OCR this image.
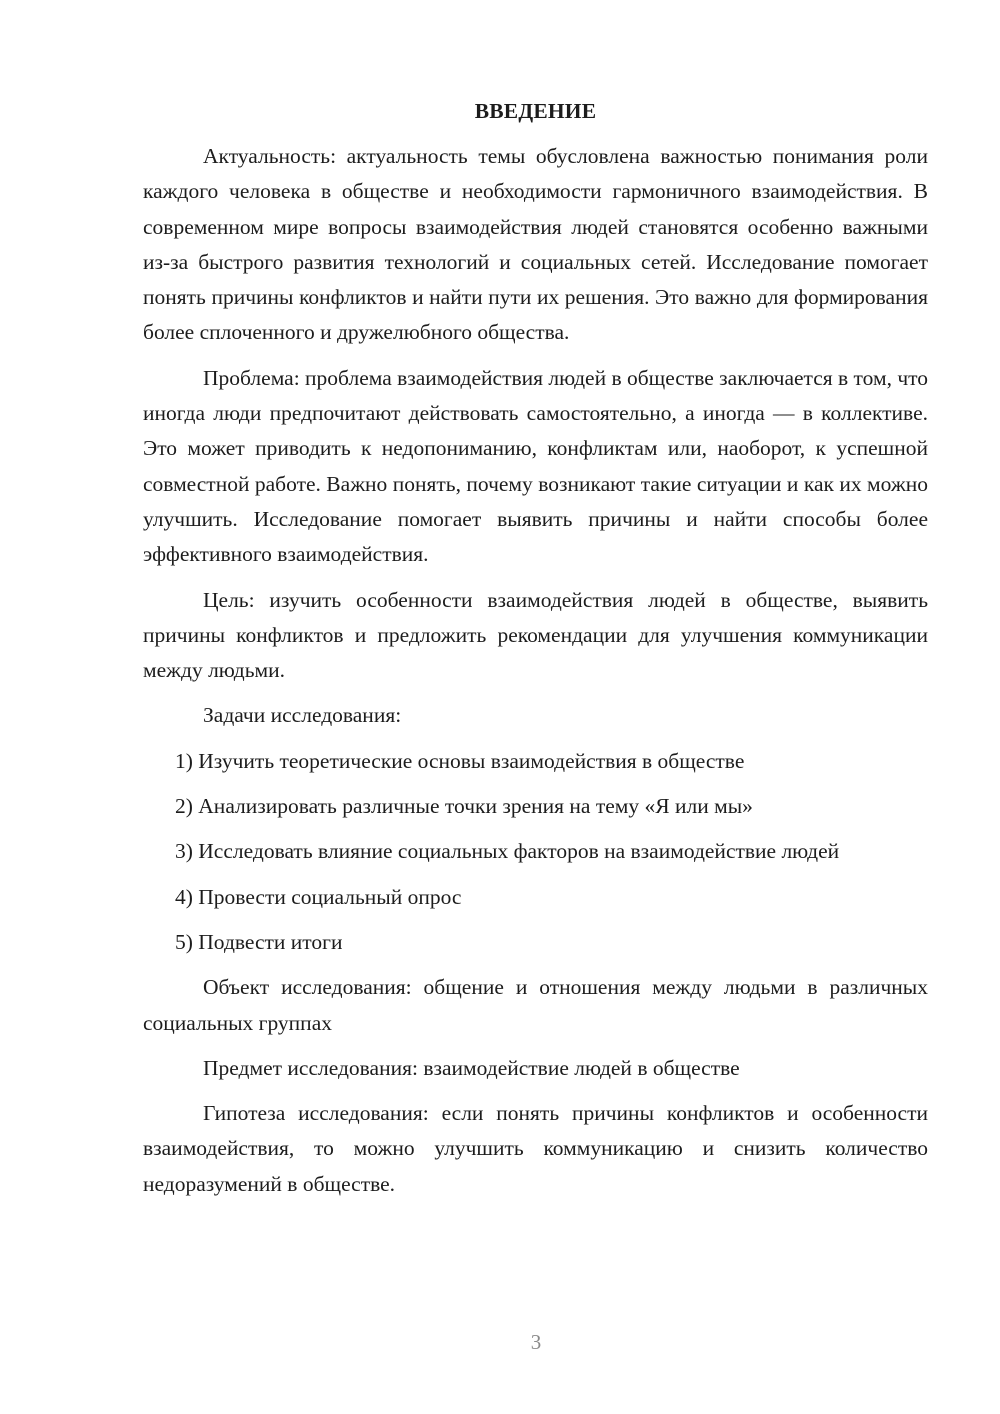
ВВЕДЕНИЕ

Актуальность: актуальность темы обусловлена важностью понимания роли каждого человека в обществе и необходимости гармоничного взаимодействия. В современном мире вопросы взаимодействия людей становятся особенно важными из-за быстрого развития технологий и социальных сетей. Исследование помогает понять причины конфликтов и найти пути их решения. Это важно для формирования более сплоченного и дружелюбного общества.

Проблема: проблема взаимодействия людей в обществе заключается в том, что иногда люди предпочитают действовать самостоятельно, а иногда — в коллективе. Это может приводить к недопониманию, конфликтам или, наоборот, к успешной совместной работе. Важно понять, почему возникают такие ситуации и как их можно улучшить. Исследование помогает выявить причины и найти способы более эффективного взаимодействия.

Цель: изучить особенности взаимодействия людей в обществе, выявить причины конфликтов и предложить рекомендации для улучшения коммуникации между людьми.

Задачи исследования:

1) Изучить теоретические основы взаимодействия в обществе

2) Анализировать различные точки зрения на тему «Я или мы»

3) Исследовать влияние социальных факторов на взаимодействие людей

4) Провести социальный опрос

5) Подвести итоги

Объект исследования: общение и отношения между людьми в различных социальных группах

Предмет исследования: взаимодействие людей в обществе

Гипотеза исследования: если понять причины конфликтов и особенности взаимодействия, то можно улучшить коммуникацию и снизить количество недоразумений в обществе.

3
